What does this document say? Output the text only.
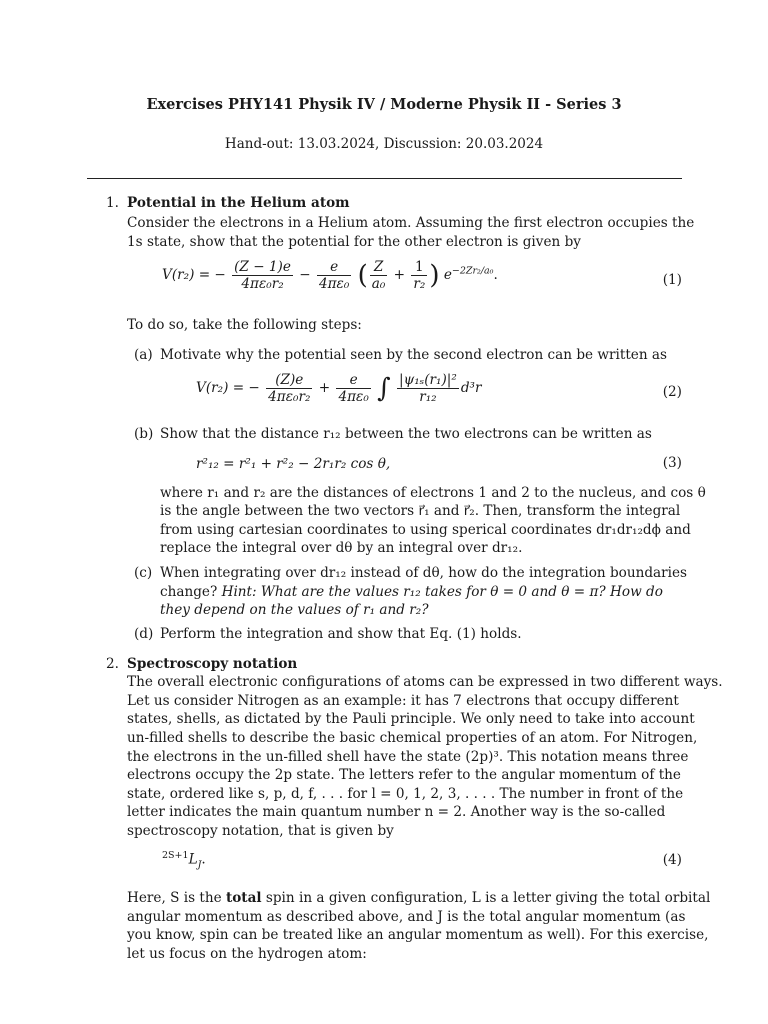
Exercises PHY141 Physik IV / Moderne Physik II - Series 3
Hand-out: 13.03.2024, Discussion: 20.03.2024
1. Potential in the Helium atom
Consider the electrons in a Helium atom. Assuming the first electron occupies the
1s state, show that the potential for the other electron is given by
V(r₂) = − $\frac{(Z - 1)e}{\text{4πε₀r₂}} - \frac{e}{\text{4πε₀}}$ ( $\frac{Z}{\text{a₀}} + \frac{1}{\text{r₂}}$ ) $e^{-2Zr_2/a_0}$.	(1)
To do so, take the following steps:
(a) Motivate why the potential seen by the second electron can be written as
V(r₂) = − $\frac{(Z)e}{\text{4πε₀r₂}} + \frac{e}{\text{4πε₀}}$ ∫ $\frac{\text{|ψ₁ₛ(r₁)|²}}{\text{r₁₂}} d^3r$	(2)
(b) Show that the distance r₁₂ between the two electrons can be written as
r²₁₂ = r²₁ + r²₂ − 2r₁r₂ cos θ,	(3)
where r₁ and r₂ are the distances of electrons 1 and 2 to the nucleus, and cos θ
is the angle between the two vectors r⃗₁ and r⃗₂. Then, transform the integral
from using cartesian coordinates to using sperical coordinates dr₁dr₁₂dϕ and
replace the integral over dθ by an integral over dr₁₂.
(c) When integrating over dr₁₂ instead of dθ, how do the integration boundaries
change? Hint: What are the values r₁₂ takes for θ = 0 and θ = π? How do
they depend on the values of r₁ and r₂?
(d) Perform the integration and show that Eq. (1) holds.
2. Spectroscopy notation
The overall electronic configurations of atoms can be expressed in two different ways.
Let us consider Nitrogen as an example: it has 7 electrons that occupy different
states, shells, as dictated by the Pauli principle. We only need to take into account
un-filled shells to describe the basic chemical properties of an atom. For Nitrogen,
the electrons in the un-filled shell have the state (2p)³. This notation means three
electrons occupy the 2p state. The letters refer to the angular momentum of the
state, ordered like s, p, d, f, . . . for l = 0, 1, 2, 3, . . . . The number in front of the
letter indicates the main quantum number n = 2. Another way is the so-called
spectroscopy notation, that is given by
$^{2S+1}L_J$.	(4)
Here, S is the total spin in a given configuration, L is a letter giving the total orbital
angular momentum as described above, and J is the total angular momentum (as
you know, spin can be treated like an angular momentum as well). For this exercise,
let us focus on the hydrogen atom:
